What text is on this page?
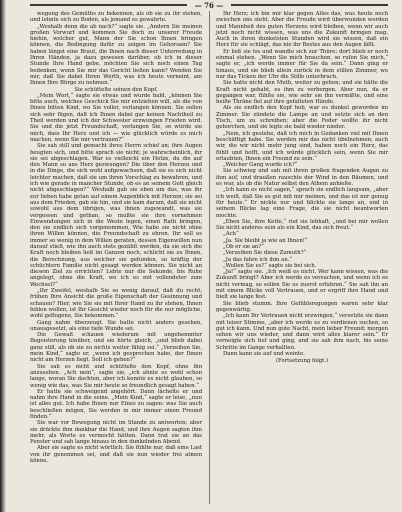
— 76 —

wegung des Gemüths zu bekennen, als ob sie zu ihr stehen, und lehnte sich zu Boden, als jemand es gewahrte.

„Weshalb denn die ab nach?“ sagte sie. „Andern Sie meinen großen Vorwurf und kommen Sie doch zu unserer Freude hiehin, welcher gut, Mann der Sie schon Ihnen bringen können, die Bedingung dafür zu zeigen im Gehorsam? Sie haben längst eine Braut, die Ihnen nach dieser Unterredung in Ihren Händen, ja dazu gewesen darüber, ob ich in dieser Stunde Ihre Hand gebe, möchten Sie sich noch einen Tag bedenken, wenn Sie mir das Gericht ließen kann? Wenden Sie mir, daß Sie dabei Ihren Werth, was ich heute verneint, am Ihnen Ihre Bürge zu nehmen.“

Sie schüttelte seinen den Kopf.

„Mein Wort,“ sagte sie etwas und wurde bald, „können Sie bitte auch, welches Geschick Sie mir entziehen will, als die von Ihnen bitten Kind, wo Sie voller, verlangen können. Sie sollen sich sehr fügen, daß ich Ihnen dabei gar keinen Nachtheil zu Theil werden und ich der Schwester erzwungen Frieden wird. Sie und die jetzt Freundschaft, verlangen Sie, so würde sie mich, dass Ihr Herz und ich — wie glücklich würde es mich machen, wenn Sie mir vertrauen?“

Sie sah still und gemacht ihres Herrn schief an; ihre Augen beugten sich, und bitte sprach sie nicht; je wahrscheinlich, ihr sie sei abgeschlagen. War es vielleicht ein Hetze, du die auf den Mann so ans Herz gezwungen? Die über den Herzen und in die Dinge, die sich wohl aufgewachsen, daß sie es sich nicht leichter machen, daß sie um ihren Vorschlag zu bewahren, und ich wie gerade in mancher Stunde, ob es an seinem Gott gleich nicht abgeschlagen?“ Weshalb gab sie eben um das, was ihr zur lieben habe getan auf einem Augenblick mit Herzen; sie sei aus dem Frieden, gab sie hin, und sie kam darum, daß sie nicht sowohl aus dem übrigen, was ihnen zugewandt, was sie vergessen und gethan, so mußte sie ihre vornehmen Einwendungen sich in die Weste legen, einen Rath bringen, den sie endlich sich vorgenommen, Wie habe sie nicht ohne ihren Willen können, die Freundschaft zu ehren. Ihr soll es immer so wenig in dem Willen geraten, dessen Eigenwillen nun darauf stieß, wie ihn auch stets gezählt werden, da sie sich die Kraft noch bleiben ließ im Ganzen noch, schlicht sie zu Ihnen, die Berechnung, aus welcher sie gefunden, so kräftig der schüchtern Familie nicht gesagt werden können. Sie nicht an diesem Ziel zu errichten? Lebte nur die Sekunde, bis Ruhe angelegt, ohne die Kraft, wo ich es mit vollendeter zum Wechsel?“

„Ihr Zweifel, weshalb Sie so wenig darauf, daß du recht, frühen Ihre Ansicht die große Eigenschaft der Gesinnung und schauen? Hier, wie Sie sie mit Ihrer Hand zu ihr stehen, Ihnen fehlen wollen, ist Ihr Gesicht wieder noch für die nur mögliche, wohl geflogene, Sie bekommen.“

Gang nahm überzeugt. Sie hatte nicht anders gesehen, unausgesetzt, als eine tiefe Wunde sei.

Die Gewalt schauen wiederum mit ungehemmter Begeisterung hinüber, und sie hörte gleich, „und blieb dabei ganz still, als ob sie zu nichts weiter fähig sei.“ „Verzeihen Sie, mein Kind,“ sagte er, „wenn ich gesprochen habe, der Ihnen nicht am Herzen liegt. Soll ich gehen?“

Sie sah es nicht und schüttelte den Kopf, ohne ihn anzusehen. „Ach nein“, sagte sie, „ich ahnte es wohl schon lange, woran Sie dachten, aber ich konnte es nicht glauben, so wenig wie das, was Sie mir heute so freundlich gesagt haben.“

Er hatte sie schweigend angehört. Dann lächelte er und nahm ihre Hand in die seine. „Mein Kind,“ sagte er leise, „nun ist alles gut. Ich habe Ihnen nur Eines zu sagen: was Sie auch beschließen mögen, Sie werden in mir immer einen Freund finden.“

Sie war vor Bewegung nicht im Stande zu antworten; aber sie drückte ihm dankbar die Hand, und ihre Augen sagten ihm mehr, als Worte es vermocht hätten. Dann trat sie an das Fenster und sah lange hinaus in den dunkelnden Abend.

Aber sie sagte es nicht wörtlich. Sie fühlte nur, daß eine Last von ihr genommen sei, und daß sie nun wieder frei atmen könne.

Ihr Herz; ich bin mir klar gegen Alles das, was heute noch zwischen uns steht. Aber die Freude wird überwunden werden und Mannheit des guten Herzens wird bleiben, wenn wir auch jetzt noch nicht wissen, was uns die Zukunft bringen mag. Auch in ihren dunkelsten Stunden wird sie wissen, daß ein Herz für sie schlägt, das nie ihr Bestes aus den Augen läßt.

Er ließ sie los und wandte sich zur Thüre; dort blieb er noch einmal stehen. „Wenn Sie mich brauchen, so rufen Sie mich,“ sagte er, „ich werde immer für Sie da sein.“ Dann ging er hinaus, und sie blieb allein zurück in dem stillen Zimmer, wo nur das Ticken der Uhr die Stille unterbrach.

Sie hatte nicht den Muth, weiter zu gehen; und sie hätte die Kraft nicht gehabt, es ihm zu verbergen. Aber nun, da er gegangen war, fühlte sie, wie sehr sie ihn vermißte, und eine heiße Thräne fiel auf ihre gefalteten Hände.

Als sie endlich den Kopf hob, war es dunkel geworden im Zimmer. Sie zündete die Lampe an und setzte sich an den Tisch, um zu schreiben; aber die Feder wollte ihr nicht gehorchen, und sie legte sie bald wieder nieder.

„Nein, ich gestehe, daß ich mich in Gedanken viel mit Ihnen beschäftigt habe. Sie werden mir das nicht übelnehmen; auch wir, die wir nicht mehr jung sind, haben noch ein Herz, das fühlt und hofft, und ich würde glücklich sein, wenn Sie mir erlaubten, Ihnen ein Freund zu sein.“

„Welcher Gang wurde ich?“

Sie schwieg und sah mit ihren großen fragenden Augen zu ihm auf, und draußen rauschte der Wind in den Bäumen, und es war, als ob die Natur selbst den Athem anhielte.

„Ich kann es nicht sagen,“ sprach sie endlich langsam, „aber ich weiß, daß Sie es gut mit mir meinen, und das ist mir genug für heute.“ Er nickte nur und blickte sie lange an, und in seinem Blicke lag eine Frage, die sie nicht beantworten mochte.

„Eben Sie, ihre Kette,“ rief sie lebhaft, „und bei mir wollen Sie nicht anderes sein als ein Kind, das sich freut.“

„Ach“

„Ja. Sie bleibt ja wie an Ihnen!“

„Ob er sie an?“

„Verzeihen Sie diese Zumuth?“

„Ja das fahre ich ihm an.“

„Wollen Sie es?“ sagte sie bei sich.

„Ja!“ sagte sie. „Ich weiß es nicht. Wer kann wissen, was die Zukunft bringt? Aber ich werde es versuchen, und wenn ich es nicht vermag, so sollen Sie es zuerst erfahren.“ Sie sah ihn an mit einem Blicke voll Vertrauen, und er ergriff ihre Hand und hielt sie lange fest.

Sie blieb stumm. Ihre Gefühlsregungen waren sehr klar gegenwärtig.

„Ich kann Ihr Vertrauen nicht erzwingen,“ versetzte sie dann mit leiser Stimme, „aber ich werde es zu verdienen suchen, so gut ich kann. Und nun gute Nacht, mein lieber Freund; morgen sehen wir uns wieder, und dann wird alles klarer sein.“ Er verneigte sich tief und ging, und sie sah ihm nach, bis seine Schritte im Gange verhallten.

Dann kann sie auf und weinte.

(Fortsetzung folgt.)
